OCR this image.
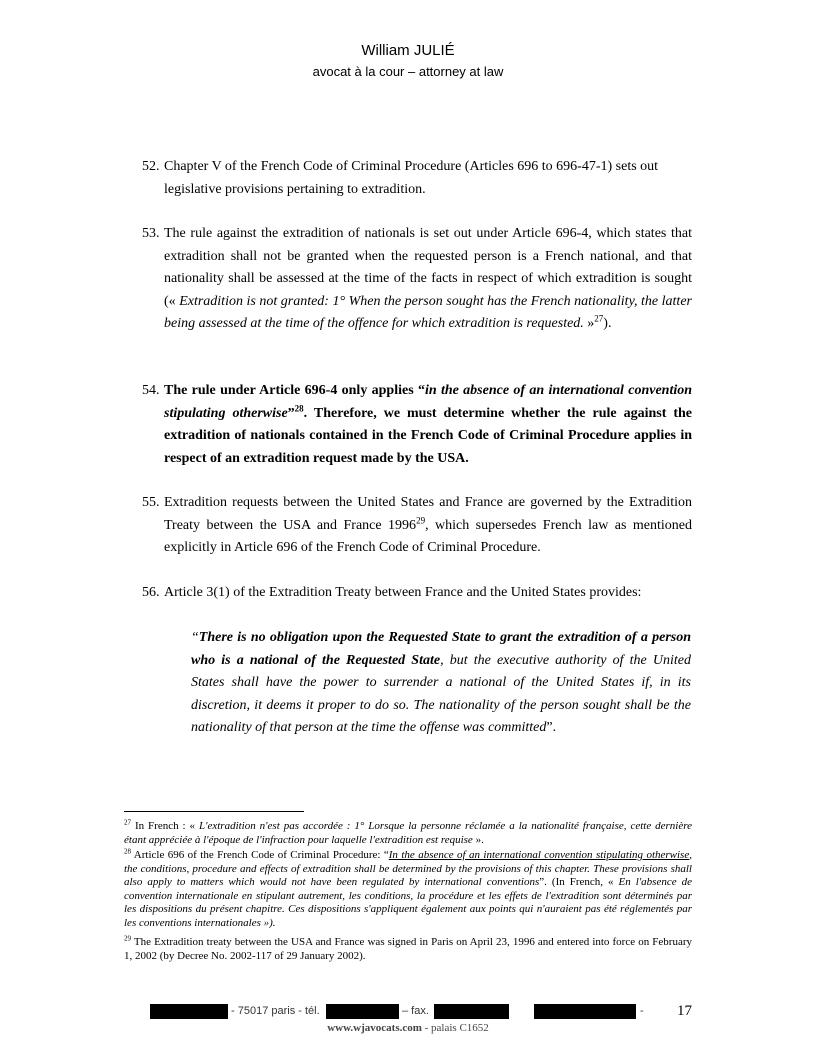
William JULIÉ
avocat à la cour – attorney at law
52. Chapter V of the French Code of Criminal Procedure (Articles 696 to 696-47-1) sets out legislative provisions pertaining to extradition.
53. The rule against the extradition of nationals is set out under Article 696-4, which states that extradition shall not be granted when the requested person is a French national, and that nationality shall be assessed at the time of the facts in respect of which extradition is sought (« Extradition is not granted: 1° When the person sought has the French nationality, the latter being assessed at the time of the offence for which extradition is requested. »$^{27}$).
54. The rule under Article 696-4 only applies “in the absence of an international convention stipulating otherwise”$^{28}$. Therefore, we must determine whether the rule against the extradition of nationals contained in the French Code of Criminal Procedure applies in respect of an extradition request made by the USA.
55. Extradition requests between the United States and France are governed by the Extradition Treaty between the USA and France 1996$^{29}$, which supersedes French law as mentioned explicitly in Article 696 of the French Code of Criminal Procedure.
56. Article 3(1) of the Extradition Treaty between France and the United States provides:
“There is no obligation upon the Requested State to grant the extradition of a person who is a national of the Requested State, but the executive authority of the United States shall have the power to surrender a national of the United States if, in its discretion, it deems it proper to do so. The nationality of the person sought shall be the nationality of that person at the time the offense was committed”.
$^{27}$ In French : « L'extradition n'est pas accordée : 1° Lorsque la personne réclamée a la nationalité française, cette dernière étant appréciée à l'époque de l'infraction pour laquelle l'extradition est requise ».
$^{28}$ Article 696 of the French Code of Criminal Procedure: “In the absence of an international convention stipulating otherwise, the conditions, procedure and effects of extradition shall be determined by the provisions of this chapter. These provisions shall also apply to matters which would not have been regulated by international conventions”. (In French, « En l'absence de convention internationale en stipulant autrement, les conditions, la procédure et les effets de l'extradition sont déterminés par les dispositions du présent chapitre. Ces dispositions s'appliquent également aux points qui n'auraient pas été réglementés par les conventions internationales »).
$^{29}$ The Extradition treaty between the USA and France was signed in Paris on April 23, 1996 and entered into force on February 1, 2002 (by Decree No. 2002-117 of 29 January 2002).
- 75017 paris - tél.	– fax.	- 17
www.wjavocats.com - palais C1652
